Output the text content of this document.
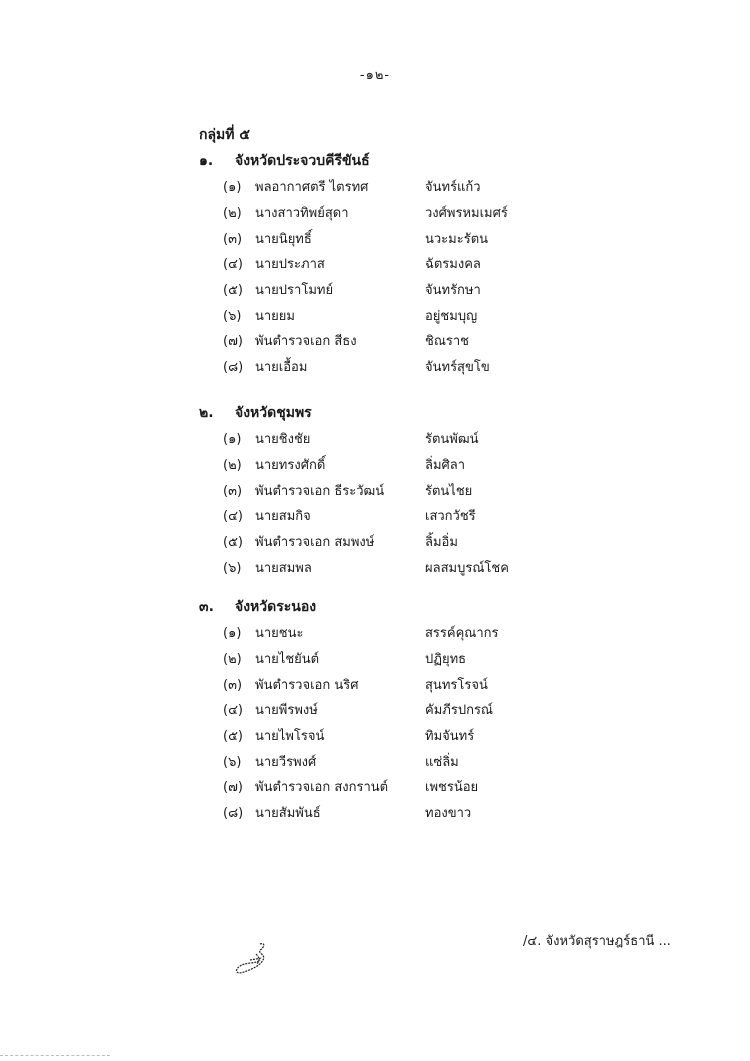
-๑๒-
กลุ่มที่ ๕
๑.	จังหวัดประจวบคีรีขันธ์
(๑)	พลอากาศตรี ไตรทศ	จันทร์แก้ว
(๒)	นางสาวทิพย์สุดา	วงศ์พรหมเมศร์
(๓) นายนิยุทธิ์	นวะมะรัตน
(๔) นายประภาส	ฉัตรมงคล
(๕) นายปราโมทย์	จันทรักษา
(๖)	นายยม	อยู่ชมบุญ
(๗) พันตำรวจเอก สีธง	ชิณราช
(๘) นายเอื้อม	จันทร์สุขโข
๒.	จังหวัดชุมพร
(๑)	นายชิงชัย	รัตนพัฒน์
(๒)	นายทรงศักดิ์	ลิ่มศิลา
(๓) พันตำรวจเอก ธีระวัฒน์	รัตนไชย
(๔) นายสมกิจ	เสวกวัชรี
(๕) พันตำรวจเอก สมพงษ์	ลิ้มอิ่ม
(๖)	นายสมพล	ผลสมบูรณ์โชค
๓.	จังหวัดระนอง
(๑)	นายชนะ	สรรค์คุณากร
(๒)	นายไชยันต์	ปฏิยุทธ
(๓) พันตำรวจเอก นริศ	สุนทรโรจน์
(๔) นายพีรพงษ์	คัมภีรปกรณ์
(๕) นายไพโรจน์	ทิมจันทร์
(๖)	นายวีรพงศ์	แซ่ลิ่ม
(๗) พันตำรวจเอก สงกรานต์	เพชรน้อย
(๘) นายสัมพันธ์	ทองขาว
/๔. จังหวัดสุราษฎร์ธานี ...
